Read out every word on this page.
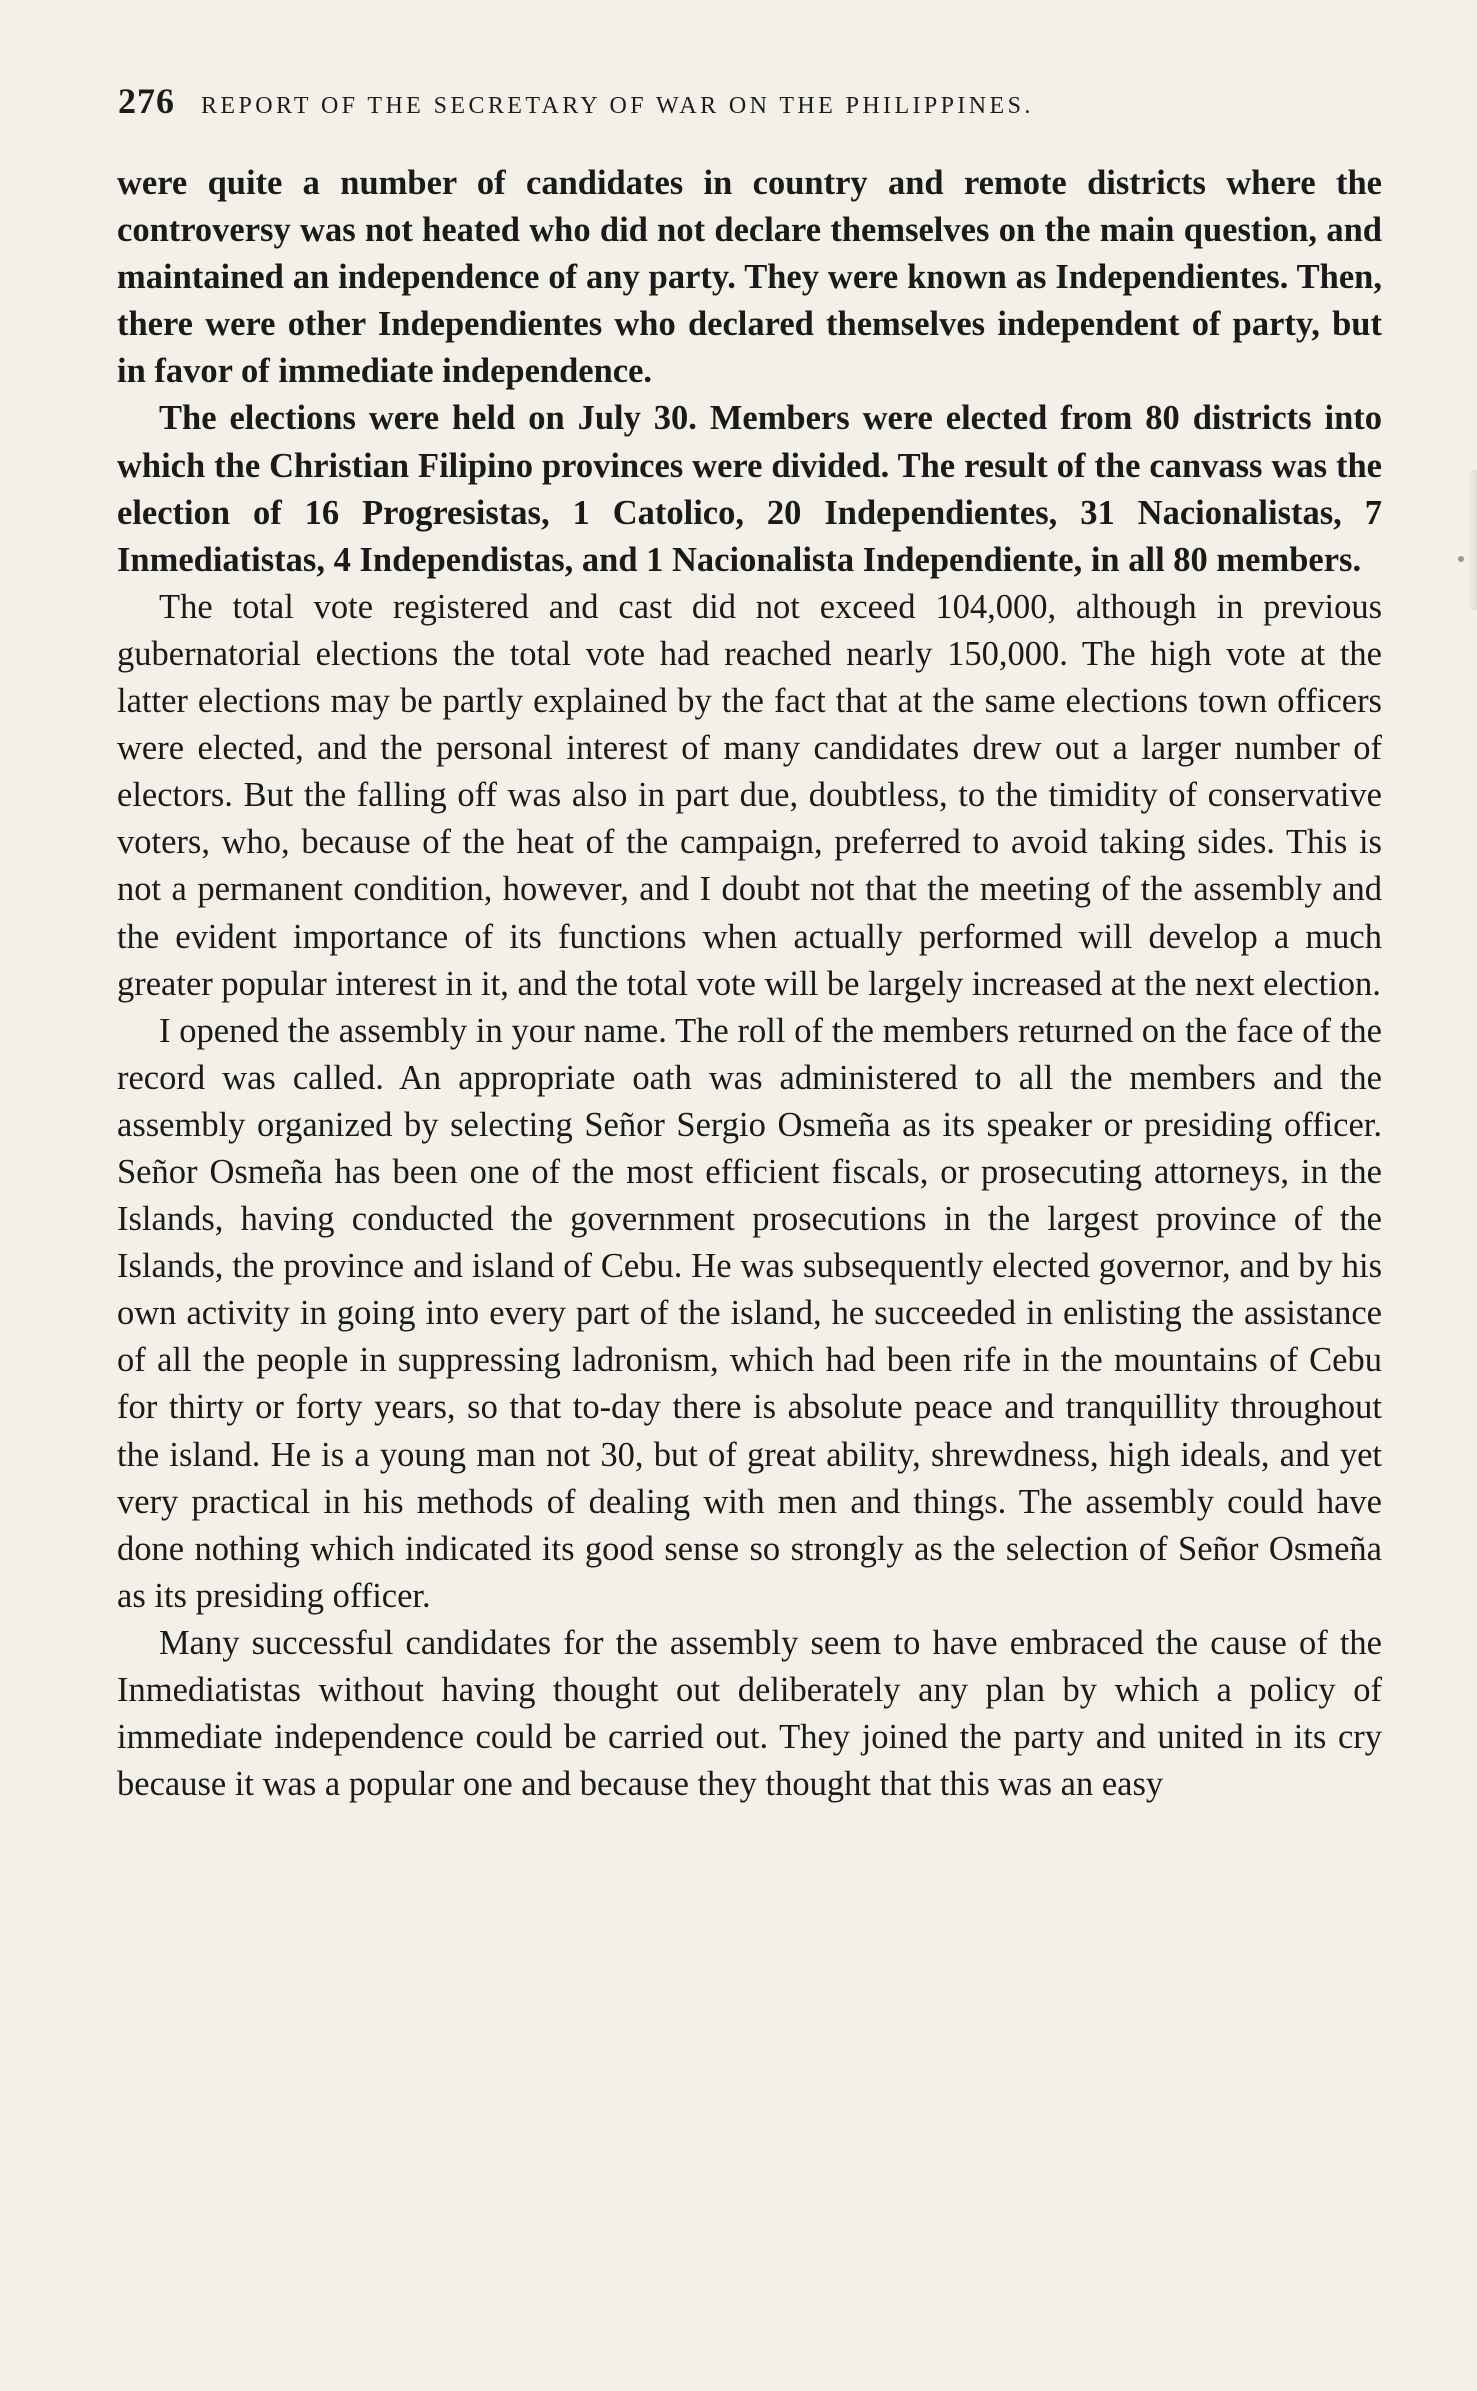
276 REPORT OF THE SECRETARY OF WAR ON THE PHILIPPINES.

were quite a number of candidates in country and remote districts where the controversy was not heated who did not declare themselves on the main question, and maintained an independence of any party. They were known as Independientes. Then, there were other Independientes who declared themselves independent of party, but in favor of immediate independence.

The elections were held on July 30. Members were elected from 80 districts into which the Christian Filipino provinces were divided. The result of the canvass was the election of 16 Progresistas, 1 Catolico, 20 Independientes, 31 Nacionalistas, 7 Inmediatistas, 4 Independistas, and 1 Nacionalista Independiente, in all 80 members.

The total vote registered and cast did not exceed 104,000, although in previous gubernatorial elections the total vote had reached nearly 150,000. The high vote at the latter elections may be partly explained by the fact that at the same elections town officers were elected, and the personal interest of many candidates drew out a larger number of electors. But the falling off was also in part due, doubtless, to the timidity of conservative voters, who, because of the heat of the campaign, preferred to avoid taking sides. This is not a permanent condition, however, and I doubt not that the meeting of the assembly and the evident importance of its functions when actually performed will develop a much greater popular interest in it, and the total vote will be largely increased at the next election.

I opened the assembly in your name. The roll of the members returned on the face of the record was called. An appropriate oath was administered to all the members and the assembly organized by selecting Señor Sergio Osmeña as its speaker or presiding officer. Señor Osmeña has been one of the most efficient fiscals, or prosecuting attorneys, in the Islands, having conducted the government prosecutions in the largest province of the Islands, the province and island of Cebu. He was subsequently elected governor, and by his own activity in going into every part of the island, he succeeded in enlisting the assistance of all the people in suppressing ladronism, which had been rife in the mountains of Cebu for thirty or forty years, so that to-day there is absolute peace and tranquillity throughout the island. He is a young man not 30, but of great ability, shrewdness, high ideals, and yet very practical in his methods of dealing with men and things. The assembly could have done nothing which indicated its good sense so strongly as the selection of Señor Osmeña as its presiding officer.

Many successful candidates for the assembly seem to have embraced the cause of the Inmediatistas without having thought out deliberately any plan by which a policy of immediate independence could be carried out. They joined the party and united in its cry because it was a popular one and because they thought that this was an easy
